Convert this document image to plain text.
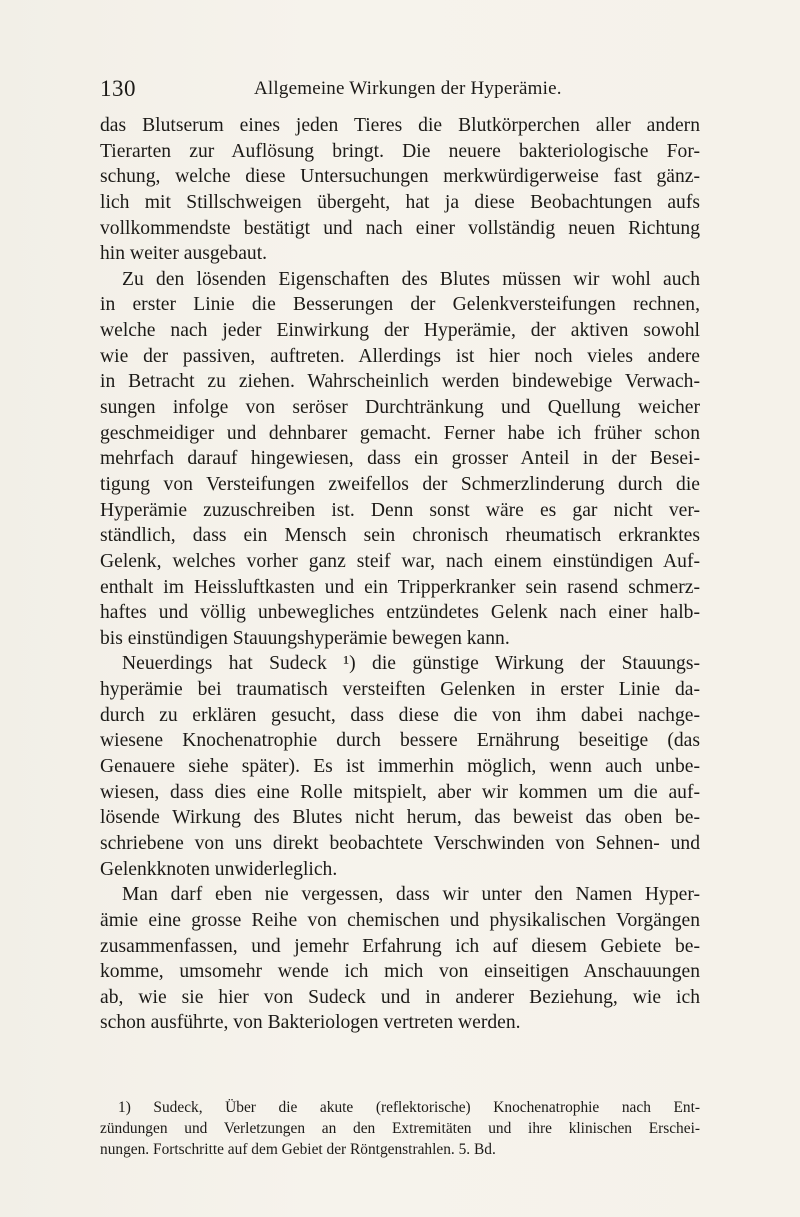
130	Allgemeine Wirkungen der Hyperämie.
das Blutserum eines jeden Tieres die Blutkörperchen aller andern
Tierarten zur Auflösung bringt. Die neuere bakteriologische For-
schung, welche diese Untersuchungen merkwürdigerweise fast gänz-
lich mit Stillschweigen übergeht, hat ja diese Beobachtungen aufs
vollkommendste bestätigt und nach einer vollständig neuen Richtung
hin weiter ausgebaut.
Zu den lösenden Eigenschaften des Blutes müssen wir wohl auch
in erster Linie die Besserungen der Gelenkversteifungen rechnen,
welche nach jeder Einwirkung der Hyperämie, der aktiven sowohl
wie der passiven, auftreten. Allerdings ist hier noch vieles andere
in Betracht zu ziehen. Wahrscheinlich werden bindewebige Verwach-
sungen infolge von seröser Durchtränkung und Quellung weicher
geschmeidiger und dehnbarer gemacht. Ferner habe ich früher schon
mehrfach darauf hingewiesen, dass ein grosser Anteil in der Besei-
tigung von Versteifungen zweifellos der Schmerzlinderung durch die
Hyperämie zuzuschreiben ist. Denn sonst wäre es gar nicht ver-
ständlich, dass ein Mensch sein chronisch rheumatisch erkranktes
Gelenk, welches vorher ganz steif war, nach einem einstündigen Auf-
enthalt im Heissluftkasten und ein Tripperkranker sein rasend schmerz-
haftes und völlig unbewegliches entzündetes Gelenk nach einer halb-
bis einstündigen Stauungshyperämie bewegen kann.
Neuerdings hat Sudeck ¹) die günstige Wirkung der Stauungs-
hyperämie bei traumatisch versteiften Gelenken in erster Linie da-
durch zu erklären gesucht, dass diese die von ihm dabei nachge-
wiesene Knochenatrophie durch bessere Ernährung beseitige (das
Genauere siehe später). Es ist immerhin möglich, wenn auch unbe-
wiesen, dass dies eine Rolle mitspielt, aber wir kommen um die auf-
lösende Wirkung des Blutes nicht herum, das beweist das oben be-
schriebene von uns direkt beobachtete Verschwinden von Sehnen- und
Gelenkknoten unwiderleglich.
Man darf eben nie vergessen, dass wir unter den Namen Hyper-
ämie eine grosse Reihe von chemischen und physikalischen Vorgängen
zusammenfassen, und jemehr Erfahrung ich auf diesem Gebiete be-
komme, umsomehr wende ich mich von einseitigen Anschauungen
ab, wie sie hier von Sudeck und in anderer Beziehung, wie ich
schon ausführte, von Bakteriologen vertreten werden.
1) Sudeck, Über die akute (reflektorische) Knochenatrophie nach Ent-
zündungen und Verletzungen an den Extremitäten und ihre klinischen Erschei-
nungen. Fortschritte auf dem Gebiet der Röntgenstrahlen. 5. Bd.
